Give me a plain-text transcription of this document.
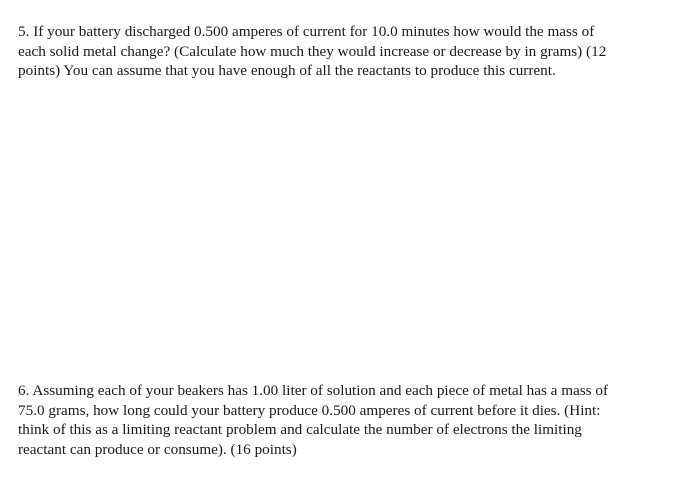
5. If your battery discharged 0.500 amperes of current for 10.0 minutes how would the mass of
each solid metal change? (Calculate how much they would increase or decrease by in grams) (12
points) You can assume that you have enough of all the reactants to produce this current.

6. Assuming each of your beakers has 1.00 liter of solution and each piece of metal has a mass of
75.0 grams, how long could your battery produce 0.500 amperes of current before it dies. (Hint:
think of this as a limiting reactant problem and calculate the number of electrons the limiting
reactant can produce or consume). (16 points)
